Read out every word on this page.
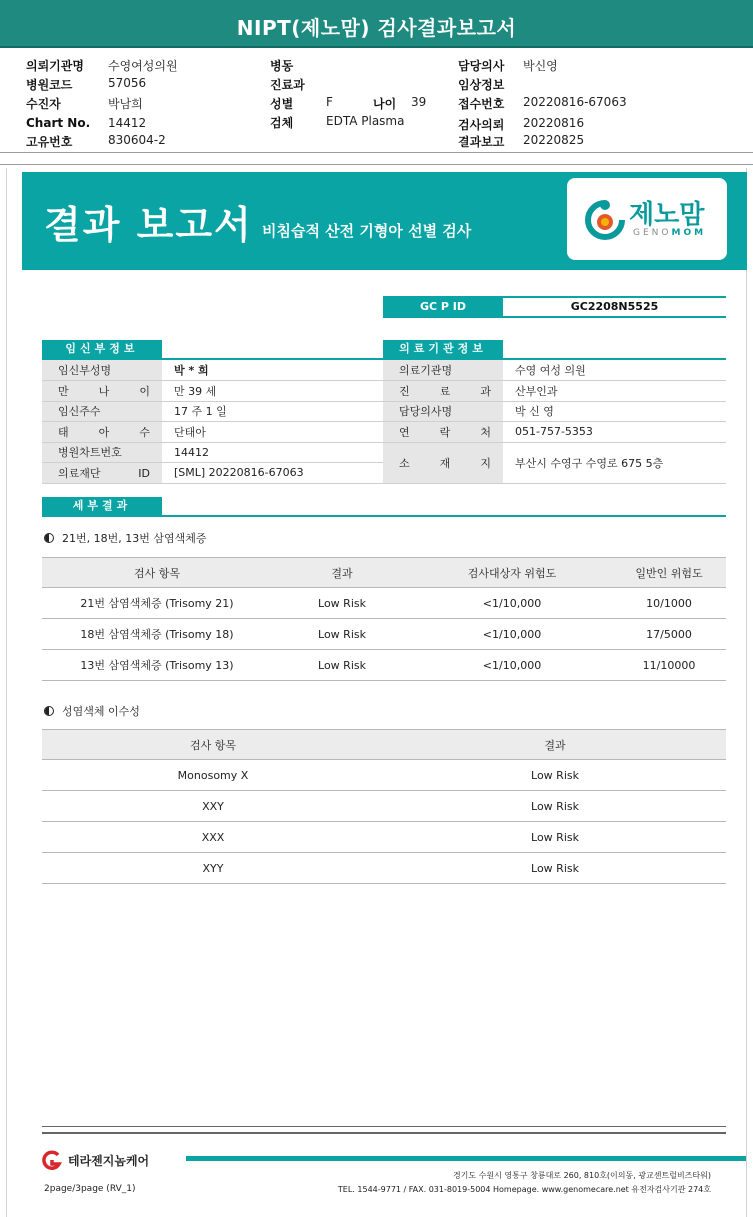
NIPT(제노맘) 검사결과보고서
의뢰기관명 수영여성의원
병원코드	57056
수진자	박남희
Chart No. 14412
고유번호	830604-2
병동
진료과
성별	F	나이 39
검체	EDTA Plasma
담당의사 박신영
임상정보
접수번호 20220816-67063
검사의뢰 20220816
결과보고 20220825
결과 보고서 비침습적 산전 기형아 선별 검사
제노맘
GENOMOM
GC P ID	GC2208N5525
임신부정보
임신부성명	박 * 희
만 나 이	만 39 세
임신주수	17 주 1 일
태 아 수	단태아
병원차트번호	14412
의료재단 ID	[SML] 20220816-67063
의료기관정보
의료기관명	수영 여성 의원
진 료 과	산부인과
담당의사명	박 신 영
연 락 처	051-757-5353
소 재 지	부산시 수영구 수영로 675 5층
세부결과
21번, 18번, 13번 삼염색체증
검사 항목	결과	검사대상자 위험도	일반인 위험도
21번 삼염색체증 (Trisomy 21)	Low Risk	<1/10,000	10/1000
18번 삼염색체증 (Trisomy 18)	Low Risk	<1/10,000	17/5000
13번 삼염색체증 (Trisomy 13)	Low Risk	<1/10,000	11/10000
성염색체 이수성
검사 항목	결과
Monosomy X	Low Risk
XXY	Low Risk
XXX	Low Risk
XYY	Low Risk
테라젠지놈케어
경기도 수원시 영통구 창룡대로 260, 810호(이의동, 광교센트럴비즈타워)
TEL. 1544-9771 / FAX. 031-8019-5004 Homepage. www.genomecare.net 유전자검사기관 274호
2page/3page (RV_1)
